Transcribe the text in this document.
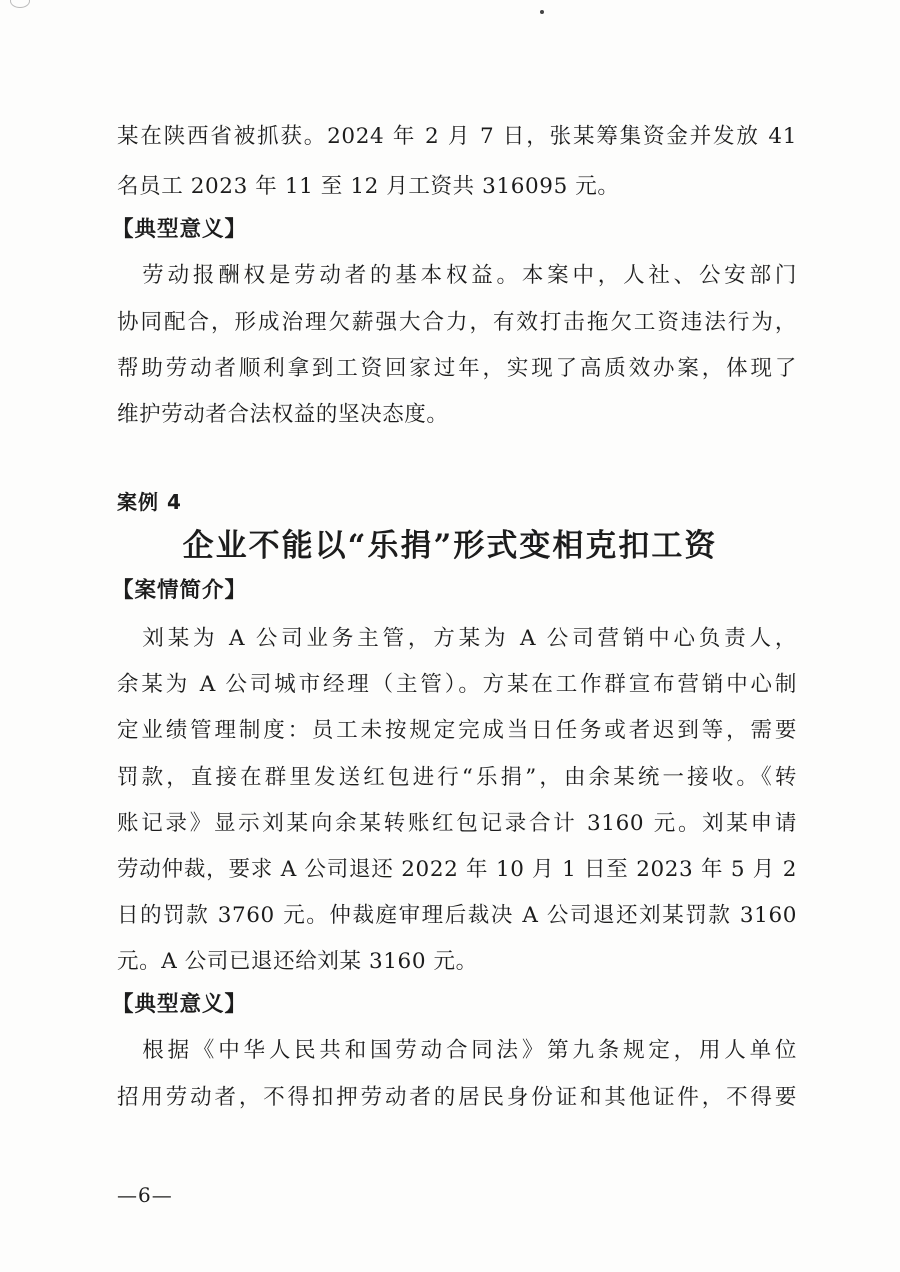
某在陕西省被抓获。2024 年 2 月 7 日，张某筹集资金并发放 41
名员工 2023 年 11 至 12 月工资共 316095 元。
【典型意义】
　劳动报酬权是劳动者的基本权益。本案中，人社、公安部门
协同配合，形成治理欠薪强大合力，有效打击拖欠工资违法行为，
帮助劳动者顺利拿到工资回家过年，实现了高质效办案，体现了
维护劳动者合法权益的坚决态度。
案例 4
企业不能以“乐捐”形式变相克扣工资
【案情简介】
　刘某为 A 公司业务主管，方某为 A 公司营销中心负责人，
余某为 A 公司城市经理（主管）。方某在工作群宣布营销中心制
定业绩管理制度：员工未按规定完成当日任务或者迟到等，需要
罚款，直接在群里发送红包进行“乐捐”，由余某统一接收。《转
账记录》显示刘某向余某转账红包记录合计 3160 元。刘某申请
劳动仲裁，要求 A 公司退还 2022 年 10 月 1 日至 2023 年 5 月 2
日的罚款 3760 元。仲裁庭审理后裁决 A 公司退还刘某罚款 3160
元。A 公司已退还给刘某 3160 元。
【典型意义】
　根据《中华人民共和国劳动合同法》第九条规定，用人单位
招用劳动者，不得扣押劳动者的居民身份证和其他证件，不得要
—6—
